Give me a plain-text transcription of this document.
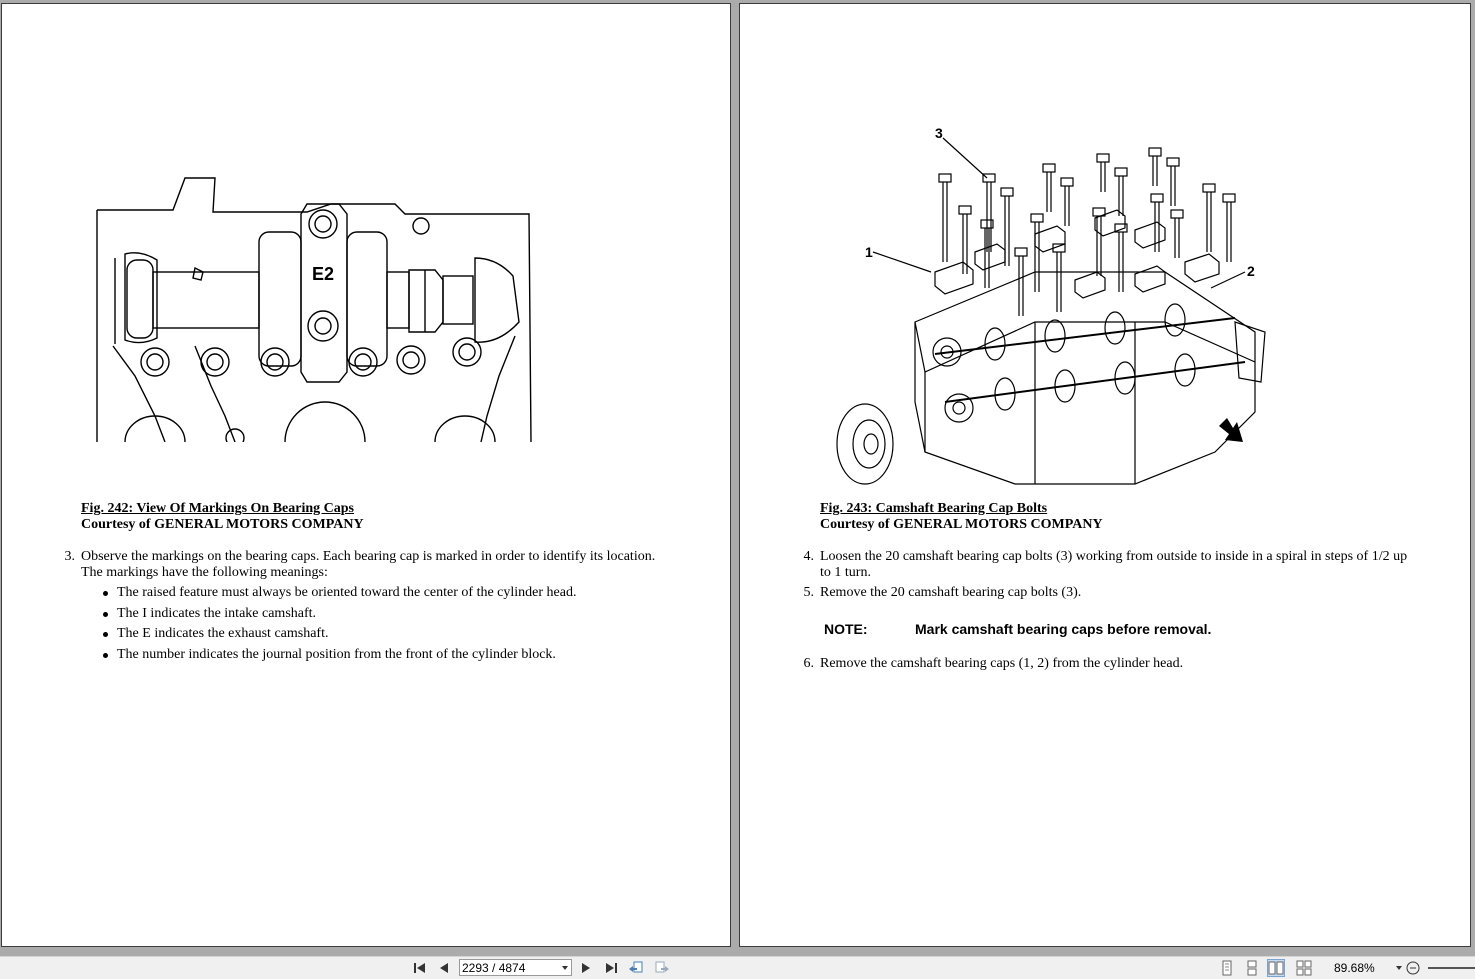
E2
Fig. 242: View Of Markings On Bearing Caps
Courtesy of GENERAL MOTORS COMPANY
3. Observe the markings on the bearing caps. Each bearing cap is marked in order to identify its location.
The markings have the following meanings:
The raised feature must always be oriented toward the center of the cylinder head.
The I indicates the intake camshaft.
The E indicates the exhaust camshaft.
The number indicates the journal position from the front of the cylinder block.
1
2
3
Fig. 243: Camshaft Bearing Cap Bolts
Courtesy of GENERAL MOTORS COMPANY
4. Loosen the 20 camshaft bearing cap bolts (3) working from outside to inside in a spiral in steps of 1/2 up
to 1 turn.
5. Remove the 20 camshaft bearing cap bolts (3).
NOTE:	Mark camshaft bearing caps before removal.
6. Remove the camshaft bearing caps (1, 2) from the cylinder head.
2293 / 4874
89.68%
